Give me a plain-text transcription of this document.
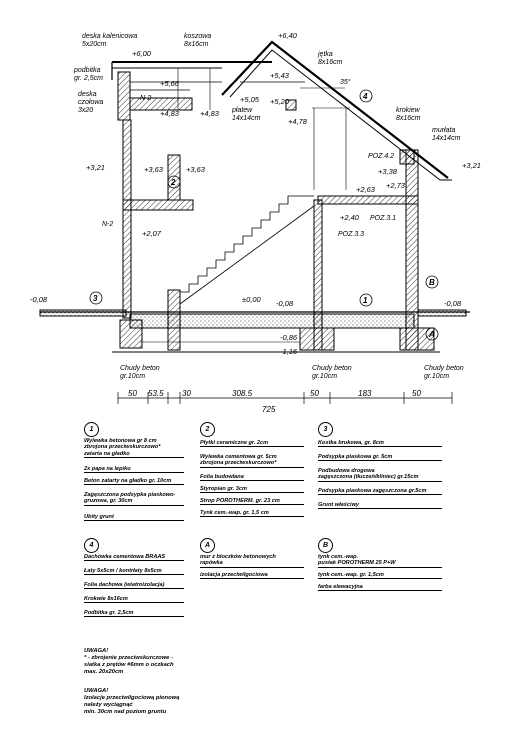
50 53.5 30	308.5	50	183	50
725
deska kalenicowa 5x20cm
koszowa 8x16cm
podbitka gr. 2,5cm
deska czołowa 3x20	płatew 14x14cm
jętka 8x16cm
krokiew 8x16cm
murłata 14x14cm
N-2
N-2
POZ.4.2
POZ.3.1
POZ.3.3
35°
Chudy beton gr.10cm
Chudy beton gr.10cm
Chudy beton gr.10cm
+6,40
+6,00
+5,66
+5,43
+5,05 +5,20
+4,83	+4,83
+4,78
+3,38
+3,21	+3,21
+3,63	+3,63
+2,73
+2,63
+2,40
+2,07
±0,00
-0,08	-0,08	-0,08
-0,86
-1,16
1
2
3
4
A
B
1
Wylewka betonowa gr 8 cm
zbrojona przeciwskurczowo*
zatarta na gładko
2x papa na lepiku
Beton zatarty na gładko gr. 10cm
Zagęszczona podsypka piaskowo-
gruzowa, gr. 30cm
Ubity grunt
2
Płytki ceramiczne gr. 2cm
Wylewka cementowa gr. 5cm
zbrojona przeciwskurczowo*
Folia budowlana
Styropian gr. 3cm
Strop POROTHERM. gr. 23 cm
Tynk cem.-wap. gr. 1,5 cm
3
Kostka brukowa, gr. 8cm
Podsypka piaskowa gr. 5cm
Podbudowa drogowa
zagęszczona (tłuczeń/kliniec) gr.15cm
Podsypka piaskowa zagęszczona gr.5cm
Grunt właściwy
4
Dachówka cementowa BRAAS
Łaty 5x5cm / kontrłaty 8x5cm
Folia dachowa (wiatroizolacja)
Krokwie 8x16cm
Podbitka gr. 2,5cm
A
mur z bloczków betonowych
rapówka
izolacja przeciwilgociowa
B
tynk cem.-wap.
pustak POROTHERM 25 P+W
tynk cem.-wap. gr. 1,5cm
farba elewacyjna
UWAGA!
* - zbrojenie przeciwskurczowe -
siatka z prętów #6mm o oczkach
max. 20x20cm
UWAGA!
Izolacje przeciwilgociową pionową
należy wyciągnąć
min. 30cm nad poziom gruntu
